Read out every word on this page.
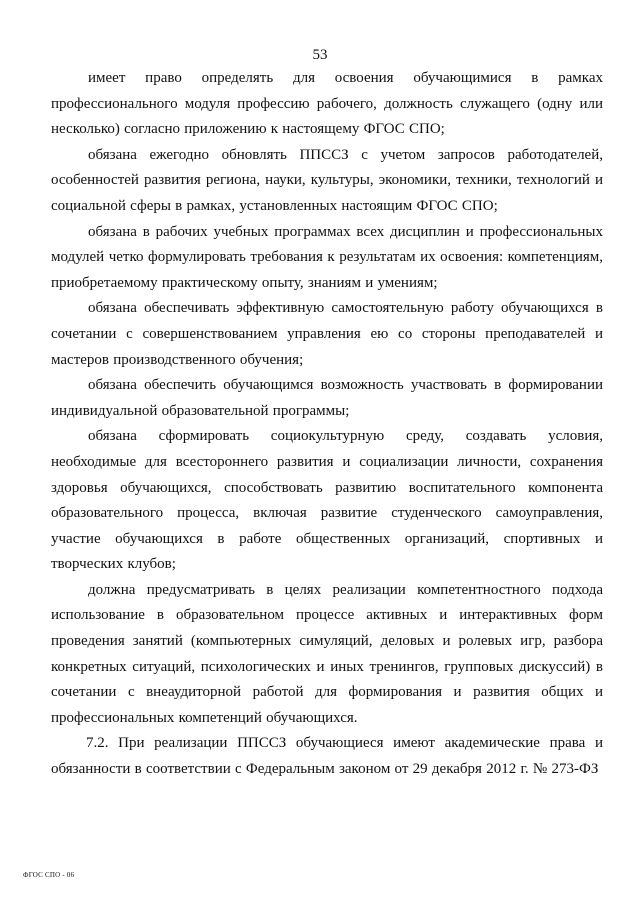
53

имеет право определять для освоения обучающимися в рамках профессионального модуля профессию рабочего, должность служащего (одну или несколько) согласно приложению к настоящему ФГОС СПО;

обязана ежегодно обновлять ППССЗ с учетом запросов работодателей, особенностей развития региона, науки, культуры, экономики, техники, технологий и социальной сферы в рамках, установленных настоящим ФГОС СПО;

обязана в рабочих учебных программах всех дисциплин и профессиональных модулей четко формулировать требования к результатам их освоения: компетенциям, приобретаемому практическому опыту, знаниям и умениям;

обязана обеспечивать эффективную самостоятельную работу обучающихся в сочетании с совершенствованием управления ею со стороны преподавателей и мастеров производственного обучения;

обязана обеспечить обучающимся возможность участвовать в формировании индивидуальной образовательной программы;

обязана сформировать социокультурную среду, создавать условия, необходимые для всестороннего развития и социализации личности, сохранения здоровья обучающихся, способствовать развитию воспитательного компонента образовательного процесса, включая развитие студенческого самоуправления, участие обучающихся в работе общественных организаций, спортивных и творческих клубов;

должна предусматривать в целях реализации компетентностного подхода использование в образовательном процессе активных и интерактивных форм проведения занятий (компьютерных симуляций, деловых и ролевых игр, разбора конкретных ситуаций, психологических и иных тренингов, групповых дискуссий) в сочетании с внеаудиторной работой для формирования и развития общих и профессиональных компетенций обучающихся.

7.2. При реализации ППССЗ обучающиеся имеют академические права и обязанности в соответствии с Федеральным законом от 29 декабря 2012 г. № 273-ФЗ

ФГОС СПО - 06
